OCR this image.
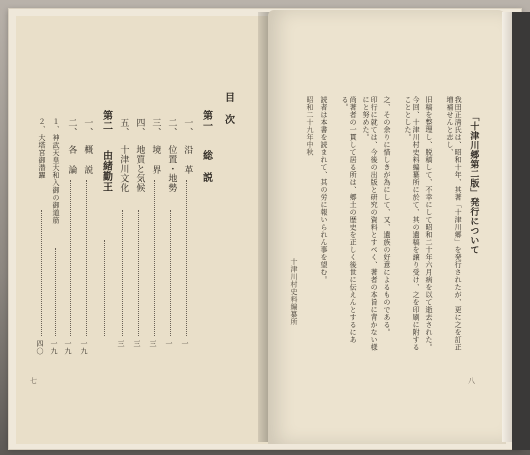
目 次
第一
総 説
一、
沿 革
一
二、
位置・地勢
一
三、
境 界
三
四、
地質と気候
三
五、
十津川文化
三
第二
由緒勤王
一、
概 説
一九
二、
各 論
一九
１、
神武天皇大和入御の御道筋
一九
２、
大塔宮御潜躍
四〇
七
「十津川郷第二版」発行について
我田正清氏は、昭和十年、其著「十津川郷」を発行されたが、更に之を訂正増補せんと志し、
旧稿を整理し、脱稿して、不幸にして昭和二十年六月病を以て逝去された。
今回、十津川村史料編纂所に於て、其の遺稿を譲り受け、之を印刷に附することとした。
之、その余りに惜しきが為にして、又、遺族の好意によるものである。
印行に就ては、今後の出版と研究の資料とすべく、著者の本旨に背かない様にと努めた。
尚著者の一貫して居る所は、郷土の歴史を正しく後世に伝えんとするにある。
読者は本書を読まれて、其の労に報いられん事を望む。
昭和二十九年中秋
十津川村史料編纂所
八
